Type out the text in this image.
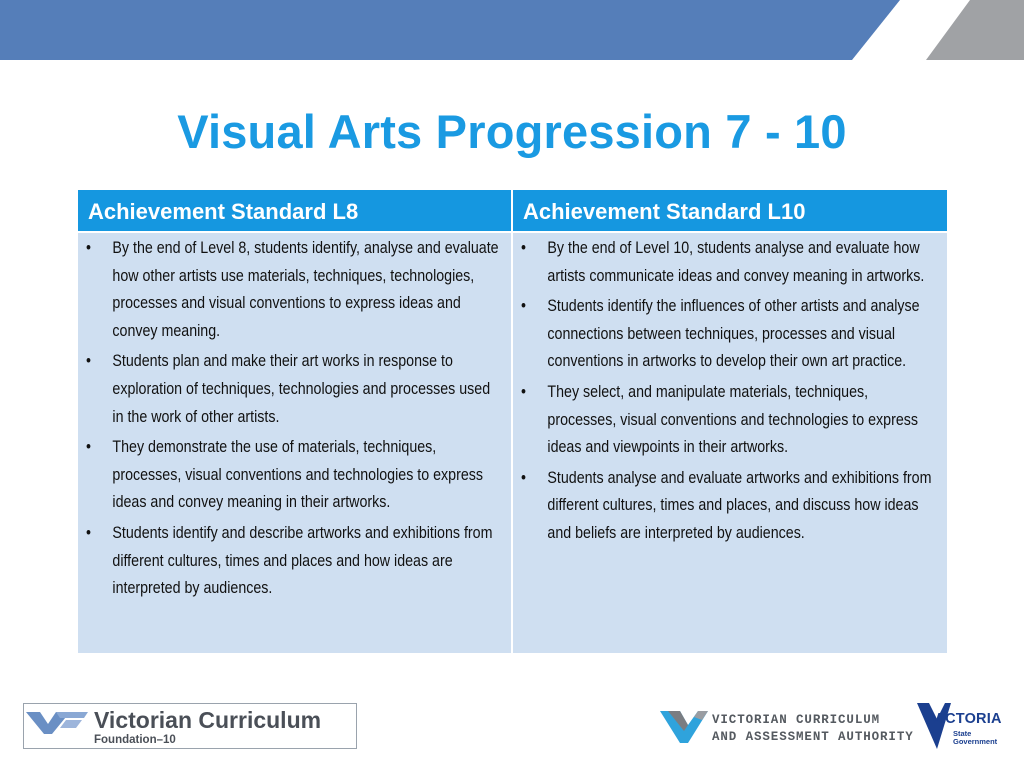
Visual Arts Progression 7 - 10
Achievement Standard L8
•	By the end of Level 8, students identify, analyse and evaluate how other artists use materials, techniques, technologies, processes and visual conventions to express ideas and convey meaning.
•	Students plan and make their art works in response to exploration of techniques, technologies and processes used in the work of other artists.
•	They demonstrate the use of materials, techniques, processes, visual conventions and technologies to express ideas and convey meaning in their artworks.
•	Students identify and describe artworks and exhibitions from different cultures, times and places and how ideas are interpreted by audiences.
Achievement Standard L10
•	By the end of Level 10, students analyse and evaluate how artists communicate ideas and convey meaning in artworks.
•	Students identify the influences of other artists and analyse connections between techniques, processes and visual conventions in artworks to develop their own art practice.
•	They select, and manipulate materials, techniques, processes, visual conventions and technologies to express ideas and viewpoints in their artworks.
•	Students analyse and evaluate artworks and exhibitions from different cultures, times and places, and discuss how ideas and beliefs are interpreted by audiences.
Victorian Curriculum
Foundation–10
VICTORIAN CURRICULUM
AND ASSESSMENT AUTHORITY
VICTORIA
State
Government
